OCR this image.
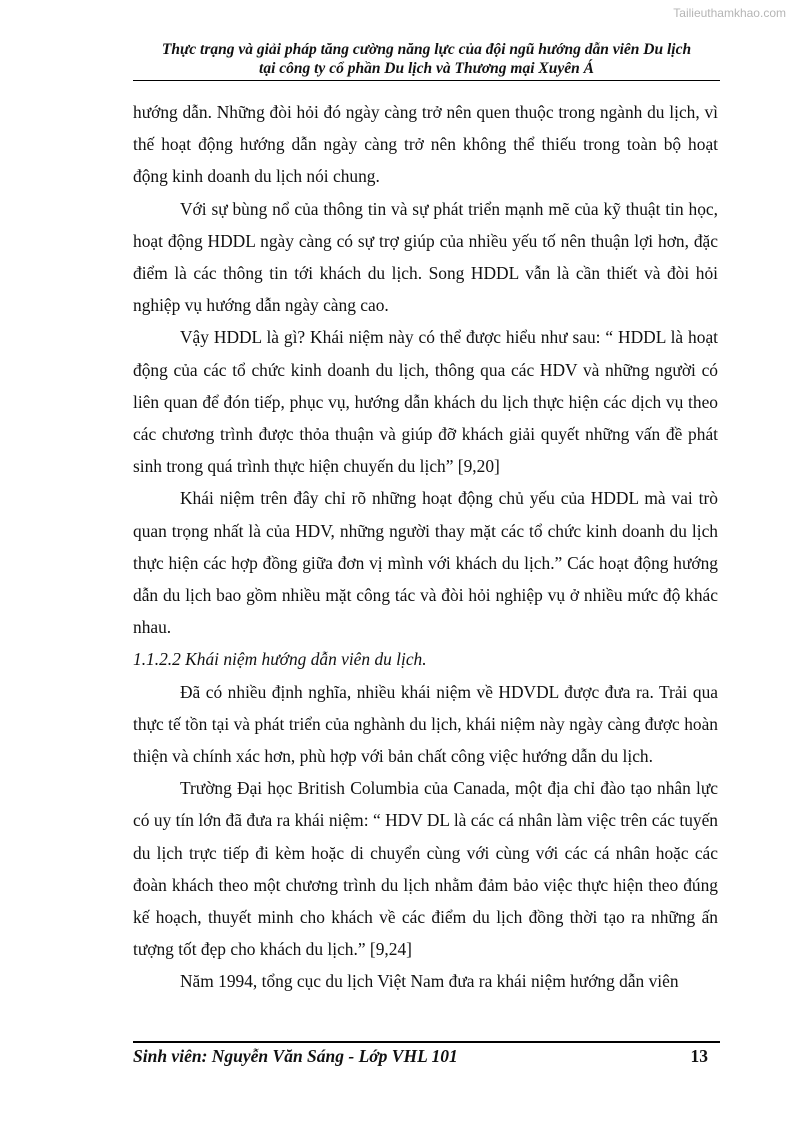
Tailieuthamkhao.com
Thực trạng và giải pháp tăng cường năng lực của đội ngũ hướng dẫn viên Du lịch
tại công ty cổ phần Du lịch và Thương mại Xuyên Á

hướng dẫn. Những đòi hỏi đó ngày càng trở nên quen thuộc trong ngành du lịch, vì thế hoạt động hướng dẫn ngày càng trở nên không thể thiếu trong toàn bộ hoạt động kinh doanh du lịch nói chung.

Với sự bùng nổ của thông tin và sự phát triển mạnh mẽ của kỹ thuật tin học, hoạt động HDDL ngày càng có sự trợ giúp của nhiều yếu tố nên thuận lợi hơn, đặc điểm là các thông tin tới khách du lịch. Song HDDL vẫn là cần thiết và đòi hỏi nghiệp vụ hướng dẫn ngày càng cao.

Vậy HDDL là gì? Khái niệm này có thể được hiểu như sau: “ HDDL là hoạt động của các tổ chức kinh doanh du lịch, thông qua các HDV và những người có liên quan để đón tiếp, phục vụ, hướng dẫn khách du lịch thực hiện các dịch vụ theo các chương trình được thỏa thuận và giúp đỡ khách giải quyết những vấn đề phát sinh trong quá trình thực hiện chuyến du lịch” [9,20]

Khái niệm trên đây chỉ rõ những hoạt động chủ yếu của HDDL mà vai trò quan trọng nhất là của HDV, những người thay mặt các tổ chức kinh doanh du lịch thực hiện các hợp đồng giữa đơn vị mình với khách du lịch.” Các hoạt động hướng dẫn du lịch bao gồm nhiều mặt công tác và đòi hỏi nghiệp vụ ở nhiều mức độ khác nhau.

1.1.2.2 Khái niệm hướng dẫn viên du lịch.

Đã có nhiều định nghĩa, nhiều khái niệm về HDVDL được đưa ra. Trải qua thực tế tồn tại và phát triển của nghành du lịch, khái niệm này ngày càng được hoàn thiện và chính xác hơn, phù hợp với bản chất công việc hướng dẫn du lịch.

Trường Đại học British Columbia của Canada, một địa chỉ đào tạo nhân lực có uy tín lớn đã đưa ra khái niệm: “ HDV DL là các cá nhân làm việc trên các tuyến du lịch trực tiếp đi kèm hoặc di chuyển cùng với cùng với các cá nhân hoặc các đoàn khách theo một chương trình du lịch nhằm đảm bảo việc thực hiện theo đúng kế hoạch, thuyết minh cho khách về các điểm du lịch đồng thời tạo ra những ấn tượng tốt đẹp cho khách du lịch.” [9,24]

Năm 1994, tổng cục du lịch Việt Nam đưa ra khái niệm hướng dẫn viên

Sinh viên: Nguyễn Văn Sáng - Lớp VHL 101	13
